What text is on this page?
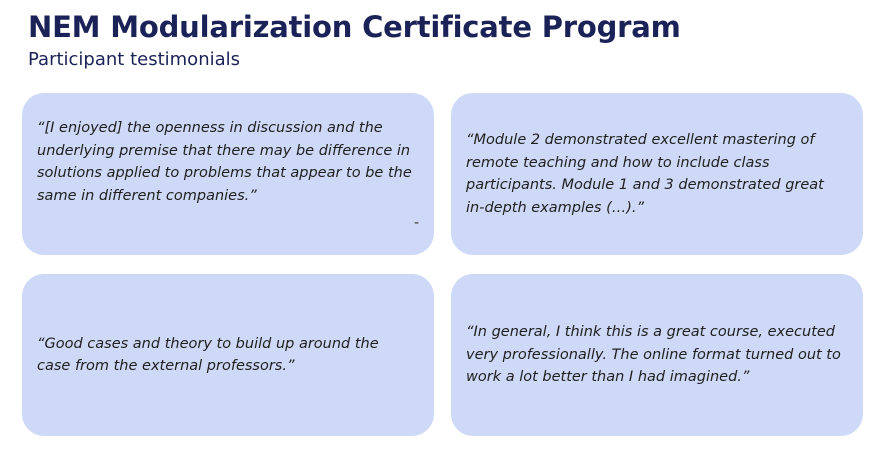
NEM Modularization Certificate Program
Participant testimonials

“[I enjoyed] the openness in discussion and the underlying premise that there may be difference in solutions applied to problems that appear to be the same in different companies.”

-

“Module 2 demonstrated excellent mastering of remote teaching and how to include class participants. Module 1 and 3 demonstrated great in-depth examples (…).”

“Good cases and theory to build up around the case from the external professors.”

“In general, I think this is a great course, executed very professionally. The online format turned out to work a lot better than I had imagined.”
